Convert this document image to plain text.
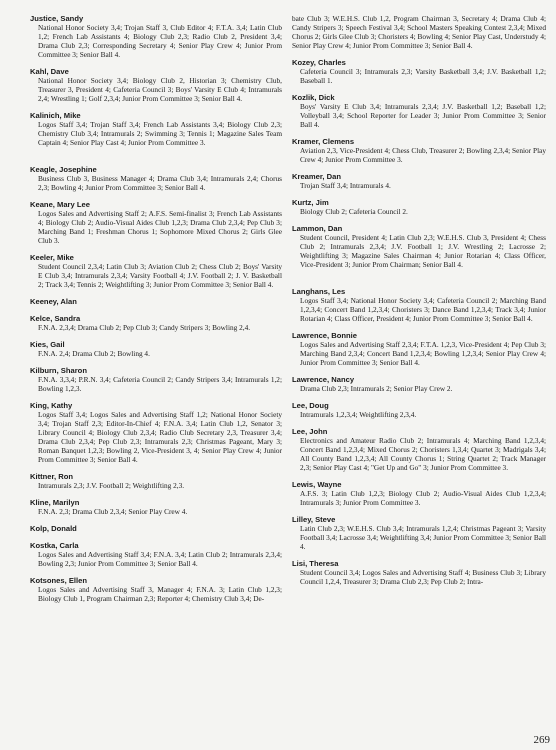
Justice, Sandy

National Honor Society 3,4; Trojan Staff 3, Club Editor 4; F.T.A. 3,4; Latin Club 1,2; French Lab Assistants 4; Biology Club 2,3; Radio Club 2, President 3,4; Drama Club 2,3; Corresponding Secretary 4; Senior Play Crew 4; Junior Prom Committee 3; Senior Ball 4.

Kahl, Dave

National Honor Society 3,4; Biology Club 2, Historian 3; Chemistry Club, Treasurer 3, President 4; Cafeteria Council 3; Boys' Varsity E Club 4; Intramurals 2,4; Wrestling 1; Golf 2,3,4; Junior Prom Committee 3; Senior Ball 4.

Kalinich, Mike

Logos Staff 3,4; Trojan Staff 3,4; French Lab Assistants 3,4; Biology Club 2,3; Chemistry Club 3,4; Intramurals 2; Swimming 3; Tennis 1; Magazine Sales Team Captain 4; Senior Play Cast 4; Junior Prom Committee 3.

Keagle, Josephine

Business Club 3, Business Manager 4; Drama Club 3,4; Intramurals 2,4; Chorus 2,3; Bowling 4; Junior Prom Committee 3; Senior Ball 4.

Keane, Mary Lee

Logos Sales and Advertising Staff 2; A.F.S. Semi-finalist 3; French Lab Assistants 4; Biology Club 2; Audio-Visual Aides Club 1,2,3; Drama Club 2,3,4; Pep Club 3; Marching Band 1; Freshman Chorus 1; Sophomore Mixed Chorus 2; Girls Glee Club 3.

Keeler, Mike

Student Council 2,3,4; Latin Club 3; Aviation Club 2; Chess Club 2; Boys' Varsity E Club 3,4; Intramurals 2,3,4; Varsity Football 4; J.V. Football 2; J. V. Basketball 2; Track 3,4; Tennis 2; Weightlifting 3; Junior Prom Committee 3; Senior Ball 4.

Keeney, Alan

Kelce, Sandra

F.N.A. 2,3,4; Drama Club 2; Pep Club 3; Candy Stripers 3; Bowling 2,4.

Kies, Gail

F.N.A. 2,4; Drama Club 2; Bowling 4.

Kilburn, Sharon

F.N.A. 3,3,4; P.R.N. 3,4; Cafeteria Council 2; Candy Stripers 3,4; Intramurals 1,2; Bowling 1,2,3.

King, Kathy

Logos Staff 3,4; Logos Sales and Advertising Staff 1,2; National Honor Society 3,4; Trojan Staff 2,3; Editor-In-Chief 4; F.N.A. 3,4; Latin Club 1,2, Senator 3; Library Council 4; Biology Club 2,3,4; Radio Club Secretary 2,3, Treasurer 3,4; Drama Club 2,3,4; Pep Club 2,3; Intramurals 2,3; Christmas Pageant, Mary 3; Roman Banquet 1,2,3; Bowling 2, Vice-President 3, 4; Senior Play Crew 4; Junior Prom Committee 3; Senior Ball 4.

Kittner, Ron

Intramurals 2,3; J.V. Football 2; Weightlifting 2,3.

Kline, Marilyn

F.N.A. 2,3; Drama Club 2,3,4; Senior Play Crew 4.

Kolp, Donald

Kostka, Carla

Logos Sales and Advertising Staff 3,4; F.N.A. 3,4; Latin Club 2; Intramurals 2,3,4; Bowling 2,3; Junior Prom Committee 3; Senior Ball 4.

Kotsones, Ellen

Logos Sales and Advertising Staff 3, Manager 4; F.N.A. 3; Latin Club 1,2,3; Biology Club 1, Program Chairman 2,3; Reporter 4; Chemistry Club 3,4; De-

bate Club 3; W.E.H.S. Club 1,2, Program Chairman 3, Secretary 4; Drama Club 4; Candy Stripers 3; Speech Festival 3,4; School Masters Speaking Contest 2,3,4; Mixed Chorus 2; Girls Glee Club 3; Choristers 4; Bowling 4; Senior Play Cast, Understudy 4; Senior Play Crew 4; Junior Prom Committee 3; Senior Ball 4.

Kozey, Charles

Cafeteria Council 3; Intramurals 2,3; Varsity Basketball 3,4; J.V. Basketball 1,2; Baseball 1.

Kozlik, Dick

Boys' Varsity E Club 3,4; Intramurals 2,3,4; J.V. Basketball 1,2; Baseball 1,2; Volleyball 3,4; School Reporter for Leader 3; Junior Prom Committee 3; Senior Ball 4.

Kramer, Clemens

Aviation 2,3, Vice-President 4; Chess Club, Treasurer 2; Bowling 2,3,4; Senior Play Crew 4; Junior Prom Committee 3.

Kreamer, Dan

Trojan Staff 3,4; Intramurals 4.

Kurtz, Jim

Biology Club 2; Cafeteria Council 2.

Lammon, Dan

Student Council, President 4; Latin Club 2,3; W.E.H.S. Club 3, President 4; Chess Club 2; Intramurals 2,3,4; J.V. Football 1; J.V. Wrestling 2; Lacrosse 2; Weightlifting 3; Magazine Sales Chairman 4; Junior Rotarian 4; Class Officer, Vice-President 3; Junior Prom Chairman; Senior Ball 4.

Langhans, Les

Logos Staff 3,4; National Honor Society 3,4; Cafeteria Council 2; Marching Band 1,2,3,4; Concert Band 1,2,3,4; Choristers 3; Dance Band 1,2,3,4; Track 3,4; Junior Rotarian 4; Class Officer, President 4; Junior Prom Committee 3; Senior Ball 4.

Lawrence, Bonnie

Logos Sales and Advertising Staff 2,3,4; F.T.A. 1,2,3, Vice-President 4; Pep Club 3; Marching Band 2,3,4; Concert Band 1,2,3,4; Bowling 1,2,3,4; Senior Play Crew 4; Junior Prom Committee 3; Senior Ball 4.

Lawrence, Nancy

Drama Club 2,3; Intramurals 2; Senior Play Crew 2.

Lee, Doug

Intramurals 1,2,3,4; Weightlifting 2,3,4.

Lee, John

Electronics and Amateur Radio Club 2; Intramurals 4; Marching Band 1,2,3,4; Concert Band 1,2,3,4; Mixed Chorus 2; Choristers 1,3,4; Quartet 3; Madrigals 3,4; All County Band 1,2,3,4; All County Chorus 1; String Quartet 2; Track Manager 2,3; Senior Play Cast 4; "Get Up and Go" 3; Junior Prom Committee 3.

Lewis, Wayne

A.F.S. 3; Latin Club 1,2,3; Biology Club 2; Audio-Visual Aides Club 1,2,3,4; Intramurals 3; Junior Prom Committee 3.

Lilley, Steve

Latin Club 2,3; W.E.H.S. Club 3,4; Intramurals 1,2,4; Christmas Pageant 3; Varsity Football 3,4; Lacrosse 3,4; Weightlifting 3,4; Junior Prom Committee 3; Senior Ball 4.

Lisi, Theresa

Student Council 3,4; Logos Sales and Advertising Staff 4; Business Club 3; Library Council 1,2,4, Treasurer 3; Drama Club 2,3; Pep Club 2; Intra-

269
